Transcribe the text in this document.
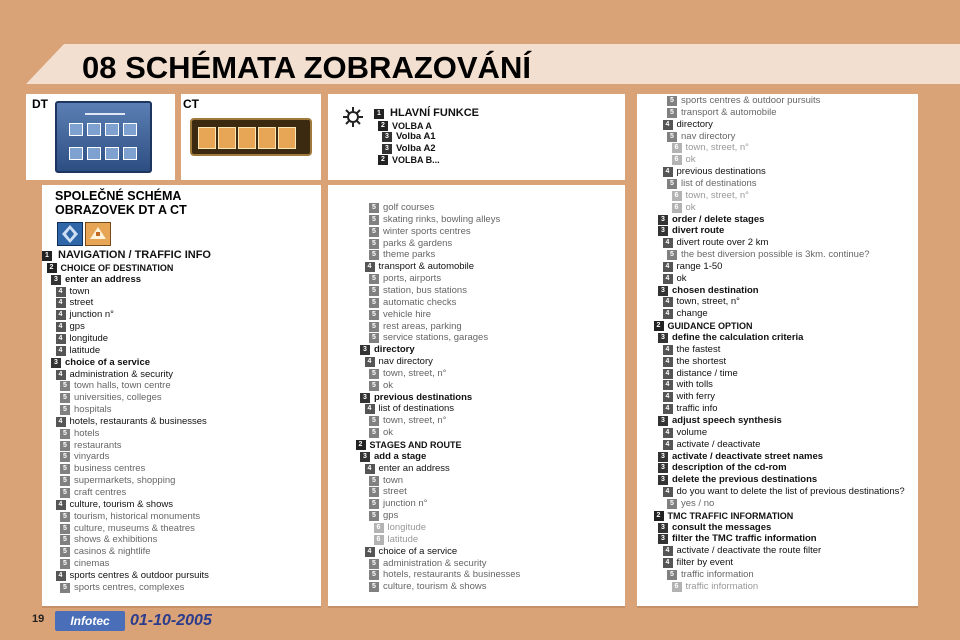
08 SCHÉMATA ZOBRAZOVÁNÍ
DT	CT
SPOLEČNÉ SCHÉMA OBRAZOVEK DT A CT
1 HLAVNÍ FUNKCE
2 VOLBA A
3 Volba A1
3 Volba A2
2 VOLBA B...
1 NAVIGATION / TRAFFIC INFO
2 CHOICE OF DESTINATION
3 enter an address
4 town
4 street
4 junction n°
4 gps
4 longitude
4 latitude
3 choice of a service
4 administration & security
5 town halls, town centre
5 universities, colleges
5 hospitals
4 hotels, restaurants & businesses
5 hotels
5 restaurants
5 vinyards
5 business centres
5 supermarkets, shopping
5 craft centres
4 culture, tourism & shows
5 tourism, historical monuments
5 culture, museums & theatres
5 shows & exhibitions
5 casinos & nightlife
5 cinemas
4 sports centres & outdoor pursuits
5 sports centres, complexes
5 golf courses
5 skating rinks, bowling alleys
5 winter sports centres
5 parks & gardens
5 theme parks
4 transport & automobile
5 ports, airports
5 station, bus stations
5 automatic checks
5 vehicle hire
5 rest areas, parking
5 service stations, garages
3 directory
4 nav directory
5 town, street, n°
5 ok
3 previous destinations
4 list of destinations
5 town, street, n°
5 ok
2 STAGES AND ROUTE
3 add a stage
4 enter an address
5 town
5 street
5 junction n°
5 gps
6 longitude
6 latitude
4 choice of a service
5 administration & security
5 hotels, restaurants & businesses
5 culture, tourism & shows
5 sports centres & outdoor pursuits
5 transport & automobile
4 directory
5 nav directory
6 town, street, n°
6 ok
4 previous destinations
5 list of destinations
6 town, street, n°
6 ok
3 order / delete stages
3 divert route
4 divert route over 2 km
5 the best diversion possible is 3km. continue?
4 range 1-50
4 ok
3 chosen destination
4 town, street, n°
4 change
2 GUIDANCE OPTION
3 define the calculation criteria
4 the fastest
4 the shortest
4 distance / time
4 with tolls
4 with ferry
4 traffic info
3 adjust speech synthesis
4 volume
4 activate / deactivate
3 activate / deactivate street names
3 description of the cd-rom
3 delete the previous destinations
4 do you want to delete the list of previous destinations?
5 yes / no
2 TMC TRAFFIC INFORMATION
3 consult the messages
3 filter the TMC traffic information
4 activate / deactivate the route filter
4 filter by event
5 traffic information
6 traffic information
19	Infotec	01-10-2005
